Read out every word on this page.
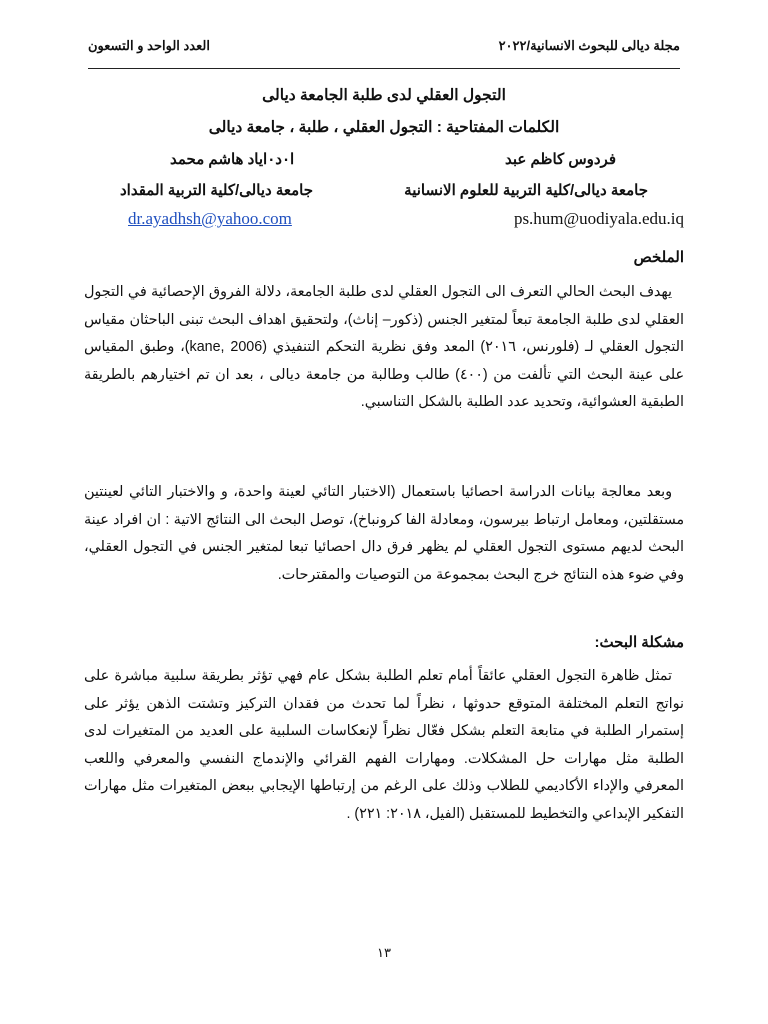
مجلة ديالى للبحوث الانسانية/٢٠٢٢
العدد الواحد و التسعون
التجول العقلي لدى طلبة الجامعة ديالى
الكلمات المفتاحية : التجول العقلي ، طلبة ، جامعة ديالى
فردوس كاظم عبد
ا٠د٠اياد هاشم محمد
جامعة ديالى/كلية التربية للعلوم الانسانية
جامعة ديالى/كلية التربية المقداد
dr.ayadhsh@yahoo.com	ps.hum@uodiyala.edu.iq
الملخص

يهدف البحث الحالي التعرف الى التجول العقلي لدى طلبة الجامعة، دلالة الفروق الإحصائية في التجول العقلي لدى طلبة الجامعة تبعاً لمتغير الجنس (ذكور– إناث)، ولتحقيق اهداف البحث تبنى الباحثان مقياس التجول العقلي لـ (فلورنس، ٢٠١٦) المعد وفق نظرية التحكم التنفيذي (kane, 2006)، وطبق المقياس على عينة البحث التي تألفت من (٤٠٠) طالب وطالبة من جامعة ديالى ، بعد ان تم اختيارهم بالطريقة الطبقية العشوائية، وتحديد عدد الطلبة بالشكل التناسبي.

وبعد معالجة بيانات الدراسة احصائيا باستعمال (الاختبار التائي لعينة واحدة، و والاختبار التائي لعينتين مستقلتين، ومعامل ارتباط بيرسون، ومعادلة الفا كرونباخ)، توصل البحث الى النتائج الاتية : ان افراد عينة البحث لديهم مستوى التجول العقلي لم يظهر فرق دال احصائيا تبعا لمتغير الجنس في التجول العقلي، وفي ضوء هذه النتائج خرج البحث بمجموعة من التوصيات والمقترحات.

مشكلة البحث:

تمثل ظاهرة التجول العقلي عائقاً أمام تعلم الطلبة بشكل عام فهي تؤثر بطريقة سلبية مباشرة على نواتج التعلم المختلفة المتوقع حدوثها ، نظراً لما تحدث من فقدان التركيز وتشتت الذهن يؤثر على إستمرار الطلبة في متابعة التعلم بشكل فعّال نظراً لإنعكاسات السلبية على العديد من المتغيرات لدى الطلبة مثل مهارات حل المشكلات. ومهارات الفهم القرائي والإندماج النفسي والمعرفي واللعب المعرفي والإداء الأكاديمي للطلاب وذلك على الرغم من إرتباطها الإيجابي ببعض المتغيرات مثل مهارات التفكير الإبداعي والتخطيط للمستقبل (الفيل، ٢٠١٨: ٢٢١) .

١٣
